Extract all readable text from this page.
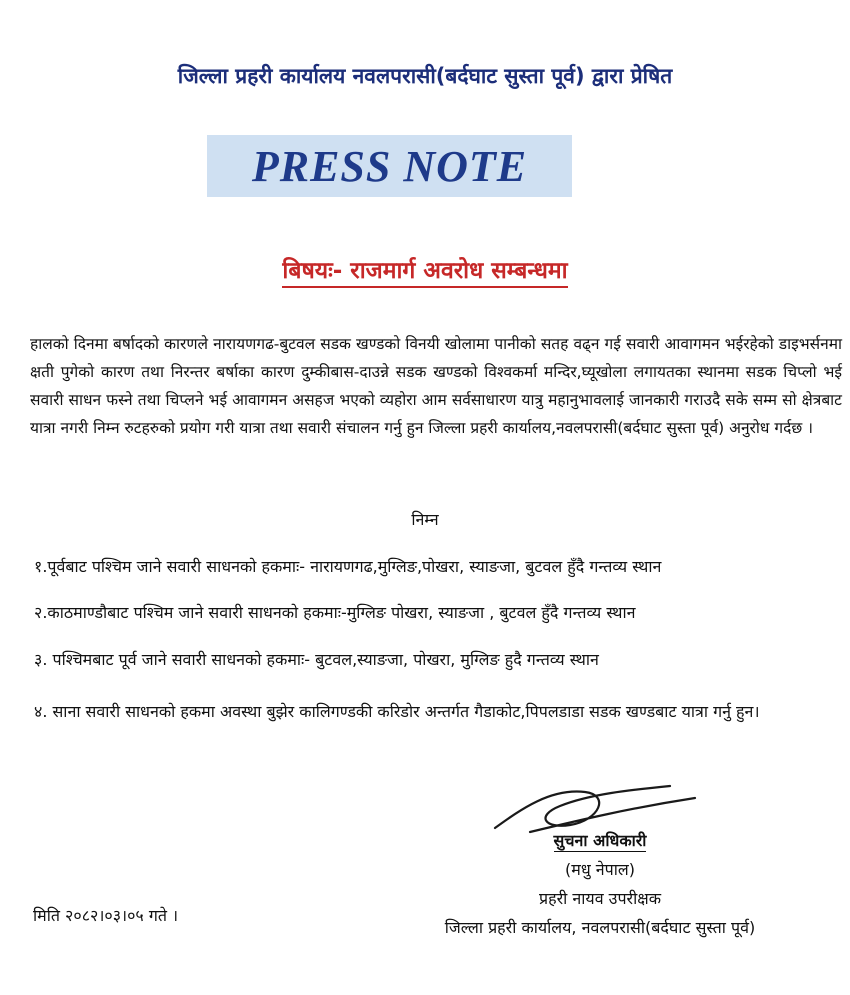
जिल्ला प्रहरी कार्यालय नवलपरासी(बर्दघाट सुस्ता पूर्व) द्वारा प्रेषित
PRESS NOTE
बिषयः- राजमार्ग अवरोध सम्बन्धमा
हालको दिनमा बर्षादको कारणले नारायणगढ-बुटवल सडक खण्डको विनयी खोलामा पानीको सतह वढ्न गई सवारी आवागमन भईरहेको डाइभर्सनमा क्षती पुगेको कारण तथा निरन्तर बर्षाका कारण दुम्कीबास-दाउन्ने सडक खण्डको विश्वकर्मा मन्दिर,घ्यूखोला लगायतका स्थानमा सडक चिप्लो भई सवारी साधन फस्ने तथा चिप्लने भई आवागमन असहज भएको व्यहोरा आम सर्वसाधारण यात्रु महानुभावलाई जानकारी गराउदै सके सम्म सो क्षेत्रबाट यात्रा नगरी निम्न रुटहरुको प्रयोग गरी यात्रा तथा सवारी संचालन गर्नु हुन जिल्ला प्रहरी कार्यालय,नवलपरासी(बर्दघाट सुस्ता पूर्व) अनुरोध गर्दछ ।
निम्न
१.पूर्वबाट पश्चिम जाने सवारी साधनको हकमाः- नारायणगढ,मुग्लिङ,पोखरा, स्याङजा, बुटवल हुँदै गन्तव्य स्थान
२.काठमाण्डौबाट पश्चिम जाने सवारी साधनको हकमाः-मुग्लिङ पोखरा, स्याङजा , बुटवल हुँदै गन्तव्य स्थान
३. पश्चिमबाट पूर्व जाने सवारी साधनको हकमाः- बुटवल,स्याङजा, पोखरा, मुग्लिङ हुदै गन्तव्य स्थान
४. साना सवारी साधनको हकमा अवस्था बुझेर कालिगण्डकी करिडोर अन्तर्गत गैडाकोट,पिपलडाडा सडक खण्डबाट यात्रा गर्नु हुन।
सुचना अधिकारी
(मधु नेपाल)
प्रहरी नायव उपरीक्षक
जिल्ला प्रहरी कार्यालय, नवलपरासी(बर्दघाट सुस्ता पूर्व)
मिति २०८२।०३।०५ गते ।
